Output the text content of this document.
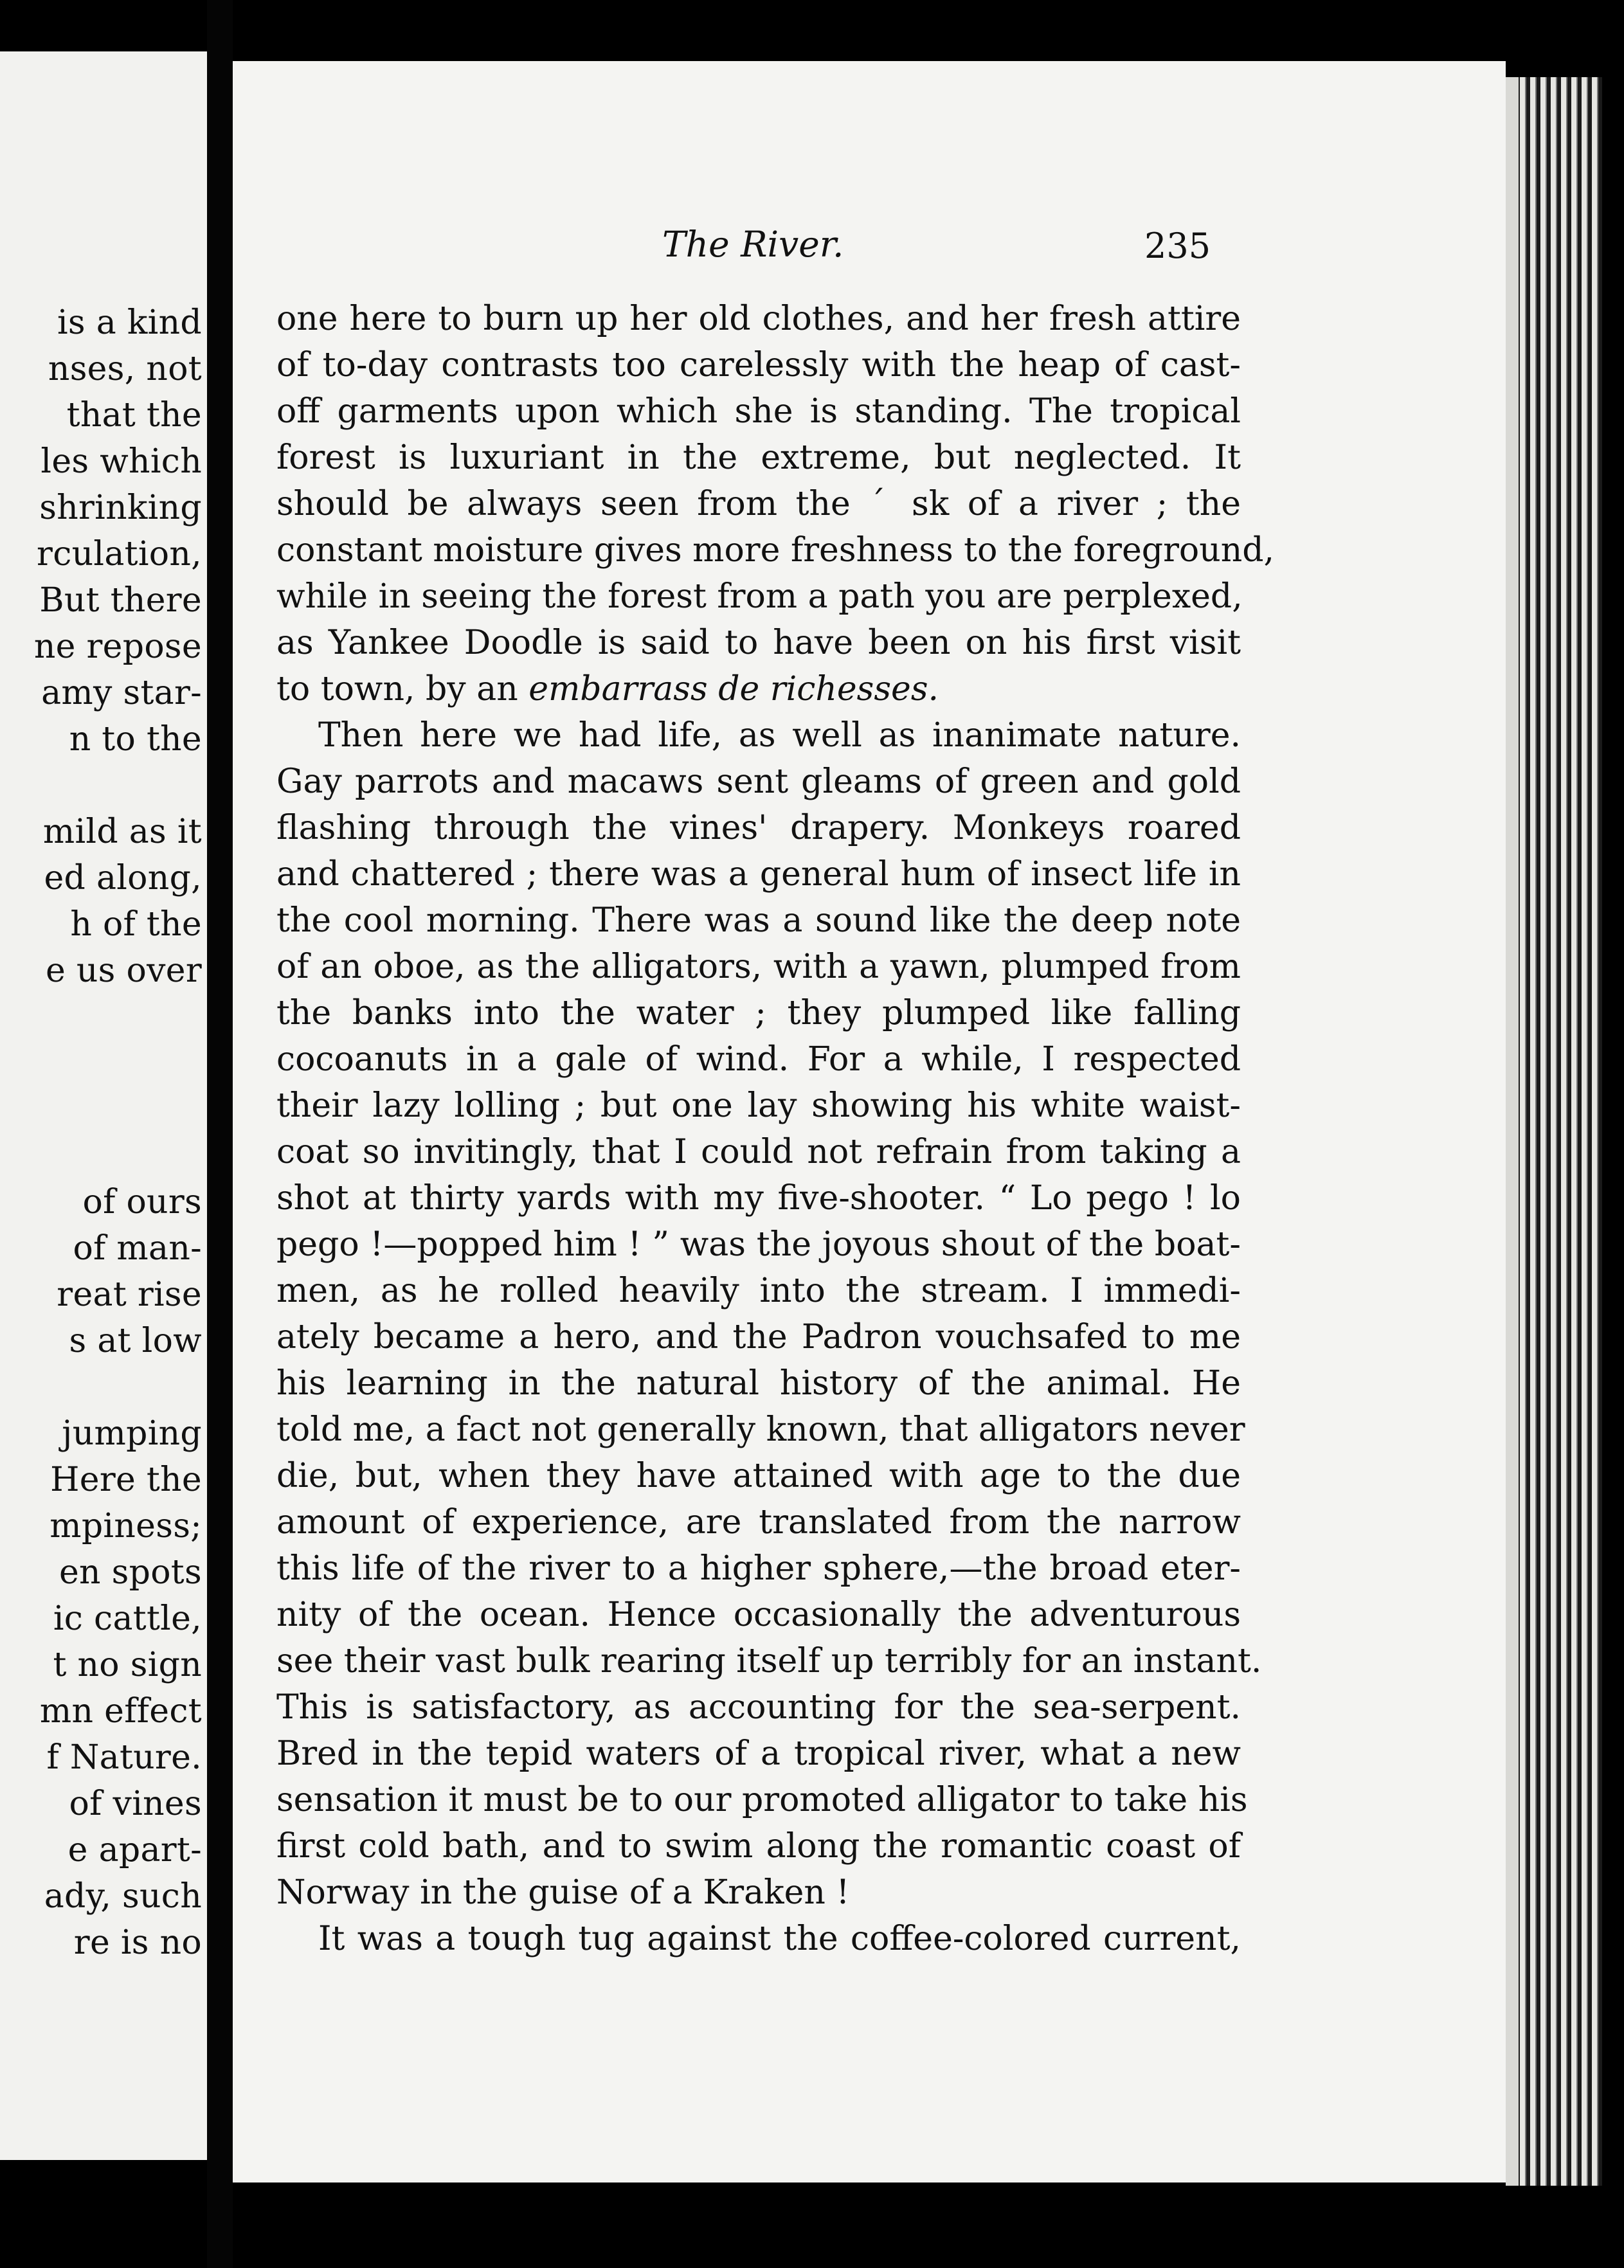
is a kind
nses, not
that the
les which
shrinking
rculation,
But there
ne repose
amy star-
n to the
mild as it
ed along,
h of the
e us over
of ours
of man-
reat rise
s at low
jumping
Here the
mpiness;
en spots
ic cattle,
t no sign
mn effect
f Nature.
of vines
e apart-
ady, such
re is no
The River.	235
one here to burn up her old clothes, and her fresh attire
of to-day contrasts too carelessly with the heap of cast-
off garments upon which she is standing. The tropical
forest is luxuriant in the extreme, but neglected. It
should be always seen from the ˊ ꜱk of a river ; the
constant moisture gives more freshness to the foreground,
while in seeing the forest from a path you are perplexed,
as Yankee Doodle is said to have been on his first visit
to town, by an embarrass de richesses.
Then here we had life, as well as inanimate nature.
Gay parrots and macaws sent gleams of green and gold
flashing through the vines' drapery. Monkeys roared
and chattered ; there was a general hum of insect life in
the cool morning. There was a sound like the deep note
of an oboe, as the alligators, with a yawn, plumped from
the banks into the water ; they plumped like falling
cocoanuts in a gale of wind. For a while, I respected
their lazy lolling ; but one lay showing his white waist-
coat so invitingly, that I could not refrain from taking a
shot at thirty yards with my five-shooter. “ Lo pego ! lo
pego !—popped him ! ” was the joyous shout of the boat-
men, as he rolled heavily into the stream. I immedi-
ately became a hero, and the Padron vouchsafed to me
his learning in the natural history of the animal. He
told me, a fact not generally known, that alligators never
die, but, when they have attained with age to the due
amount of experience, are translated from the narrow
this life of the river to a higher sphere,—the broad eter-
nity of the ocean. Hence occasionally the adventurous
see their vast bulk rearing itself up terribly for an instant.
This is satisfactory, as accounting for the sea-serpent.
Bred in the tepid waters of a tropical river, what a new
sensation it must be to our promoted alligator to take his
first cold bath, and to swim along the romantic coast of
Norway in the guise of a Kraken !
It was a tough tug against the coffee-colored current,
